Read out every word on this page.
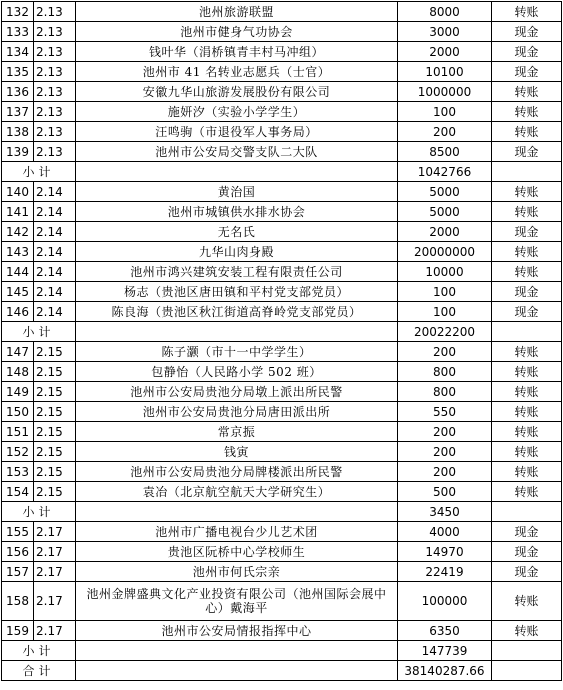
132	2.13	池州旅游联盟	8000	转账
133	2.13	池州市健身气功协会	3000	现金
134	2.13	钱叶华（涓桥镇青丰村马冲组）	2000	现金
135	2.13	池州市 41 名转业志愿兵（士官）	10100	现金
136	2.13	安徽九华山旅游发展股份有限公司	1000000	转账
137	2.13	施妍汐（实验小学学生）	100	转账
138	2.13	汪鸣驹（市退役军人事务局）	200	转账
139	2.13	池州市公安局交警支队二大队	8500	现金
小计			1042766	
140	2.14	黄治国	5000	转账
141	2.14	池州市城镇供水排水协会	5000	转账
142	2.14	无名氏	2000	现金
143	2.14	九华山肉身殿	20000000	转账
144	2.14	池州市鸿兴建筑安装工程有限责任公司	10000	转账
145	2.14	杨志（贵池区唐田镇和平村党支部党员）	100	现金
146	2.14	陈良海（贵池区秋江街道高脊岭党支部党员）	100	现金
小计			20022200	
147	2.15	陈子灏（市十一中学学生）	200	转账
148	2.15	包静怡（人民路小学 502 班）	800	转账
149	2.15	池州市公安局贵池分局墩上派出所民警	800	转账
150	2.15	池州市公安局贵池分局唐田派出所	550	转账
151	2.15	常京振	200	转账
152	2.15	钱寅	200	转账
153	2.15	池州市公安局贵池分局牌楼派出所民警	200	转账
154	2.15	袁冶（北京航空航天大学研究生）	500	转账
小计			3450	
155	2.17	池州市广播电视台少儿艺术团	4000	现金
156	2.17	贵池区阮桥中心学校师生	14970	现金
157	2.17	池州市何氏宗亲	22419	现金
158	2.17	池州金牌盛典文化产业投资有限公司（池州国际会展中心）戴海平	100000	转账
159	2.17	池州市公安局情报指挥中心	6350	转账
小计			147739	
合计			38140287.66	
